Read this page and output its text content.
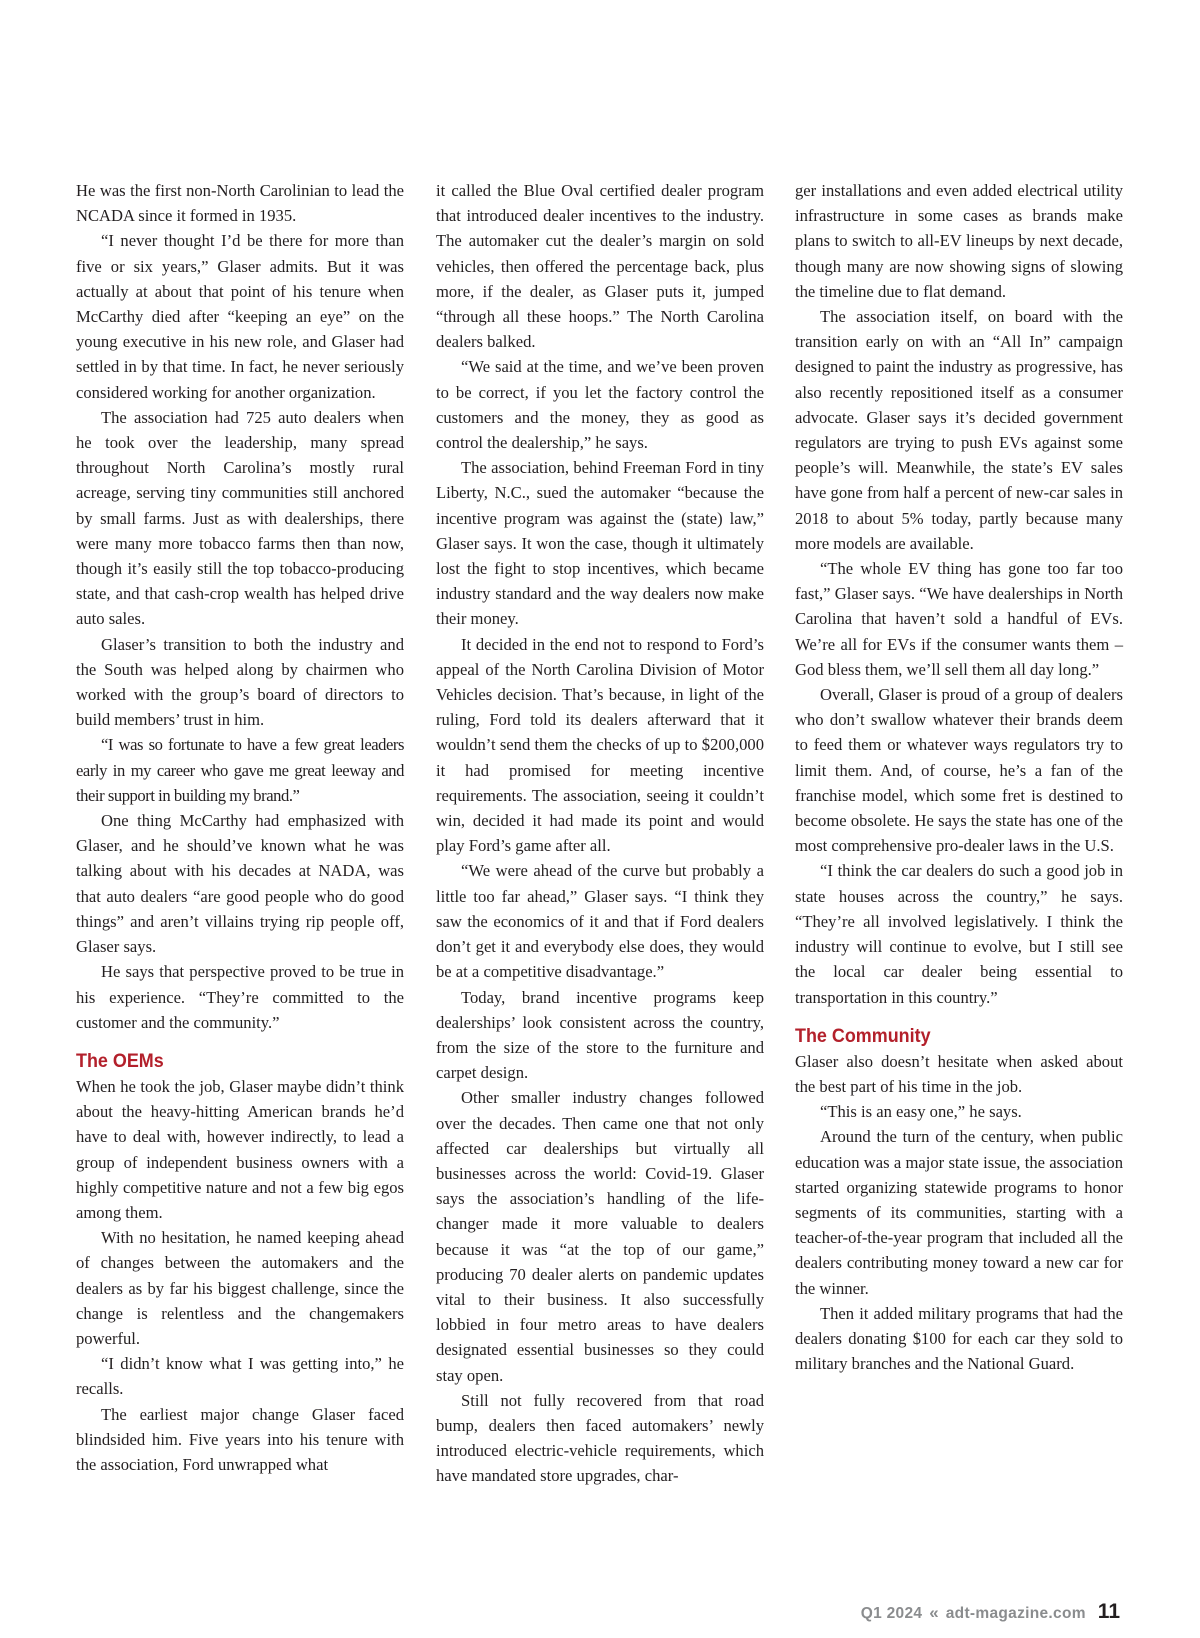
He was the first non-North Carolinian to lead the NCADA since it formed in 1935.

“I never thought I’d be there for more than five or six years,” Glaser admits. But it was actually at about that point of his tenure when McCarthy died after “keeping an eye” on the young executive in his new role, and Glaser had settled in by that time. In fact, he never seriously considered working for another organization.

The association had 725 auto dealers when he took over the leadership, many spread throughout North Carolina’s mostly rural acreage, serving tiny communities still anchored by small farms. Just as with dealerships, there were many more tobacco farms then than now, though it’s easily still the top tobacco-producing state, and that cash-crop wealth has helped drive auto sales.

Glaser’s transition to both the industry and the South was helped along by chairmen who worked with the group’s board of directors to build members’ trust in him.

“I was so fortunate to have a few great leaders early in my career who gave me great leeway and their support in building my brand.”

One thing McCarthy had emphasized with Glaser, and he should’ve known what he was talking about with his decades at NADA, was that auto dealers “are good people who do good things” and aren’t villains trying rip people off, Glaser says.

He says that perspective proved to be true in his experience. “They’re committed to the customer and the community.”

The OEMs

When he took the job, Glaser maybe didn’t think about the heavy-hitting American brands he’d have to deal with, however indirectly, to lead a group of independent business owners with a highly competitive nature and not a few big egos among them.

With no hesitation, he named keeping ahead of changes between the automakers and the dealers as by far his biggest challenge, since the change is relentless and the changemakers powerful.

“I didn’t know what I was getting into,” he recalls.

The earliest major change Glaser faced blindsided him. Five years into his tenure with the association, Ford unwrapped what

it called the Blue Oval certified dealer program that introduced dealer incentives to the industry. The automaker cut the dealer’s margin on sold vehicles, then offered the percentage back, plus more, if the dealer, as Glaser puts it, jumped “through all these hoops.” The North Carolina dealers balked.

“We said at the time, and we’ve been proven to be correct, if you let the factory control the customers and the money, they as good as control the dealership,” he says.

The association, behind Freeman Ford in tiny Liberty, N.C., sued the automaker “because the incentive program was against the (state) law,” Glaser says. It won the case, though it ultimately lost the fight to stop incentives, which became industry standard and the way dealers now make their money.

It decided in the end not to respond to Ford’s appeal of the North Carolina Division of Motor Vehicles decision. That’s because, in light of the ruling, Ford told its dealers afterward that it wouldn’t send them the checks of up to $200,000 it had promised for meeting incentive requirements. The association, seeing it couldn’t win, decided it had made its point and would play Ford’s game after all.

“We were ahead of the curve but probably a little too far ahead,” Glaser says. “I think they saw the economics of it and that if Ford dealers don’t get it and everybody else does, they would be at a competitive disadvantage.”

Today, brand incentive programs keep dealerships’ look consistent across the country, from the size of the store to the furniture and carpet design.

Other smaller industry changes followed over the decades. Then came one that not only affected car dealerships but virtually all businesses across the world: Covid-19. Glaser says the association’s handling of the life-changer made it more valuable to dealers because it was “at the top of our game,” producing 70 dealer alerts on pandemic updates vital to their business. It also successfully lobbied in four metro areas to have dealers designated essential businesses so they could stay open.

Still not fully recovered from that road bump, dealers then faced automakers’ newly introduced electric-vehicle requirements, which have mandated store upgrades, char-

ger installations and even added electrical utility infrastructure in some cases as brands make plans to switch to all-EV lineups by next decade, though many are now showing signs of slowing the timeline due to flat demand.

The association itself, on board with the transition early on with an “All In” campaign designed to paint the industry as progressive, has also recently repositioned itself as a consumer advocate. Glaser says it’s decided government regulators are trying to push EVs against some people’s will. Meanwhile, the state’s EV sales have gone from half a percent of new-car sales in 2018 to about 5% today, partly because many more models are available.

“The whole EV thing has gone too far too fast,” Glaser says. “We have dealerships in North Carolina that haven’t sold a handful of EVs. We’re all for EVs if the consumer wants them – God bless them, we’ll sell them all day long.”

Overall, Glaser is proud of a group of dealers who don’t swallow whatever their brands deem to feed them or whatever ways regulators try to limit them. And, of course, he’s a fan of the franchise model, which some fret is destined to become obsolete. He says the state has one of the most comprehensive pro-dealer laws in the U.S.

“I think the car dealers do such a good job in state houses across the country,” he says. “They’re all involved legislatively. I think the industry will continue to evolve, but I still see the local car dealer being essential to transportation in this country.”

The Community

Glaser also doesn’t hesitate when asked about the best part of his time in the job.

“This is an easy one,” he says.

Around the turn of the century, when public education was a major state issue, the association started organizing statewide programs to honor segments of its communities, starting with a teacher-of-the-year program that included all the dealers contributing money toward a new car for the winner.

Then it added military programs that had the dealers donating $100 for each car they sold to military branches and the National Guard.

Q1 2024 « adt-magazine.com 11
